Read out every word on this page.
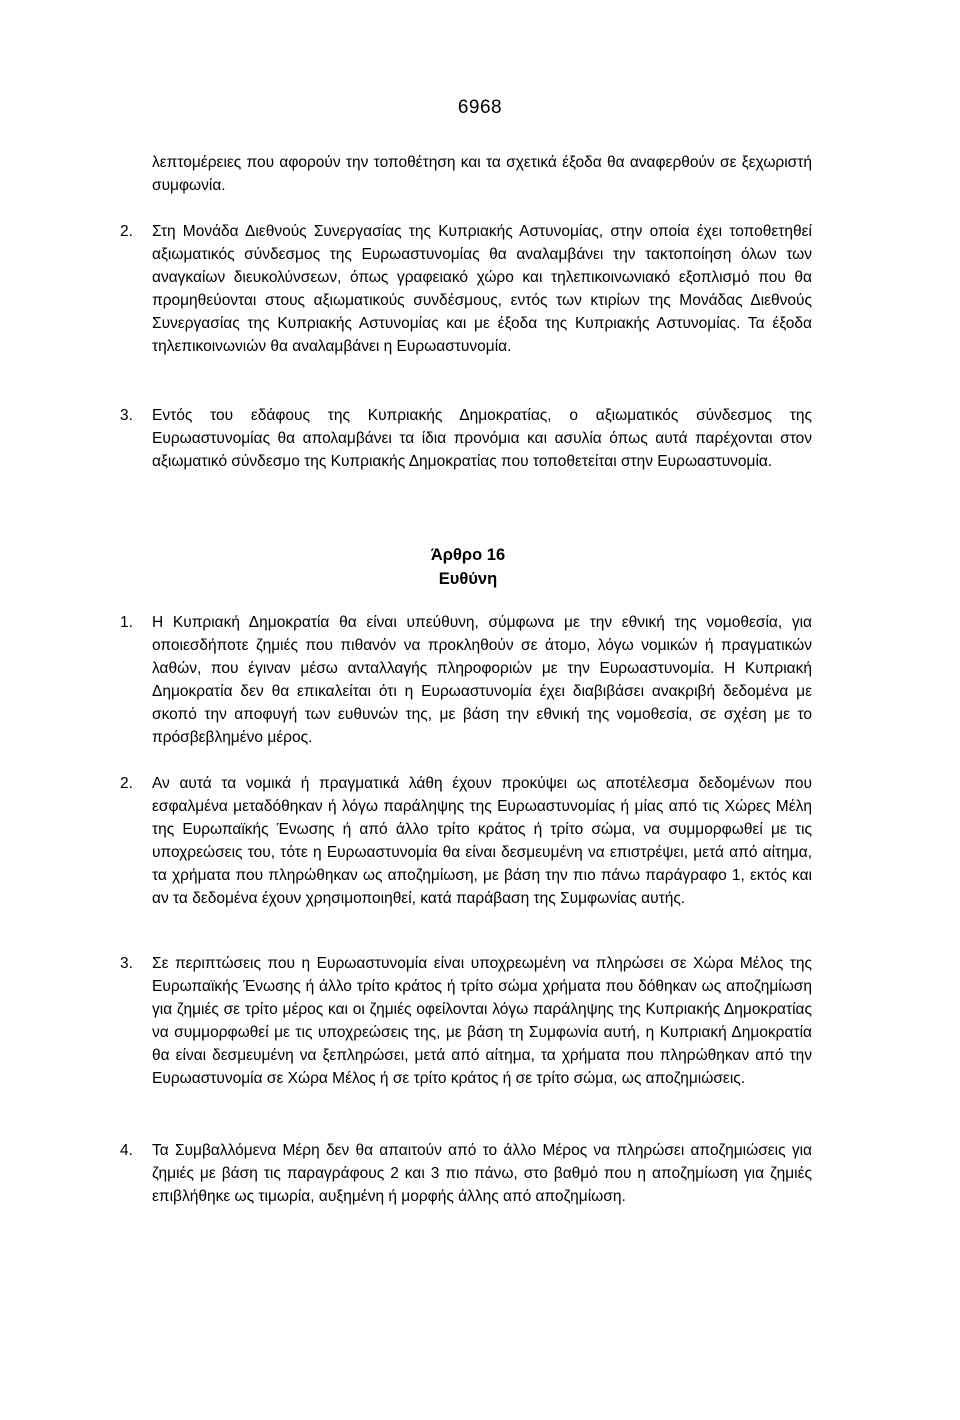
6968
λεπτομέρειες που αφορούν την τοποθέτηση και τα σχετικά έξοδα θα αναφερθούν σε ξεχωριστή συμφωνία.
2. Στη Μονάδα Διεθνούς Συνεργασίας της Κυπριακής Αστυνομίας, στην οποία έχει τοποθετηθεί αξιωματικός σύνδεσμος της Ευρωαστυνομίας θα αναλαμβάνει την τακτοποίηση όλων των αναγκαίων διευκολύνσεων, όπως γραφειακό χώρο και τηλεπικοινωνιακό εξοπλισμό που θα προμηθεύονται στους αξιωματικούς συνδέσμους, εντός των κτιρίων της Μονάδας Διεθνούς Συνεργασίας της Κυπριακής Αστυνομίας και με έξοδα της Κυπριακής Αστυνομίας. Τα έξοδα τηλεπικοινωνιών θα αναλαμβάνει η Ευρωαστυνομία.
3. Εντός του εδάφους της Κυπριακής Δημοκρατίας, ο αξιωματικός σύνδεσμος της Ευρωαστυνομίας θα απολαμβάνει τα ίδια προνόμια και ασυλία όπως αυτά παρέχονται στον αξιωματικό σύνδεσμο της Κυπριακής Δημοκρατίας που τοποθετείται στην Ευρωαστυνομία.
Άρθρο 16
Ευθύνη
1. Η Κυπριακή Δημοκρατία θα είναι υπεύθυνη, σύμφωνα με την εθνική της νομοθεσία, για οποιεσδήποτε ζημιές που πιθανόν να προκληθούν σε άτομο, λόγω νομικών ή πραγματικών λαθών, που έγιναν μέσω ανταλλαγής πληροφοριών με την Ευρωαστυνομία. Η Κυπριακή Δημοκρατία δεν θα επικαλείται ότι η Ευρωαστυνομία έχει διαβιβάσει ανακριβή δεδομένα με σκοπό την αποφυγή των ευθυνών της, με βάση την εθνική της νομοθεσία, σε σχέση με το πρόσβεβλημένο μέρος.
2. Αν αυτά τα νομικά ή πραγματικά λάθη έχουν προκύψει ως αποτέλεσμα δεδομένων που εσφαλμένα μεταδόθηκαν ή λόγω παράληψης της Ευρωαστυνομίας ή μίας από τις Χώρες Μέλη της Ευρωπαϊκής Ένωσης ή από άλλο τρίτο κράτος ή τρίτο σώμα, να συμμορφωθεί με τις υποχρεώσεις του, τότε η Ευρωαστυνομία θα είναι δεσμευμένη να επιστρέψει, μετά από αίτημα, τα χρήματα που πληρώθηκαν ως αποζημίωση, με βάση την πιο πάνω παράγραφο 1, εκτός και αν τα δεδομένα έχουν χρησιμοποιηθεί, κατά παράβαση της Συμφωνίας αυτής.
3. Σε περιπτώσεις που η Ευρωαστυνομία είναι υποχρεωμένη να πληρώσει σε Χώρα Μέλος της Ευρωπαϊκής Ένωσης ή άλλο τρίτο κράτος ή τρίτο σώμα χρήματα που δόθηκαν ως αποζημίωση για ζημιές σε τρίτο μέρος και οι ζημιές οφείλονται λόγω παράληψης της Κυπριακής Δημοκρατίας να συμμορφωθεί με τις υποχρεώσεις της, με βάση τη Συμφωνία αυτή, η Κυπριακή Δημοκρατία θα είναι δεσμευμένη να ξεπληρώσει, μετά από αίτημα, τα χρήματα που πληρώθηκαν από την Ευρωαστυνομία σε Χώρα Μέλος ή σε τρίτο κράτος ή σε τρίτο σώμα, ως αποζημιώσεις.
4. Τα Συμβαλλόμενα Μέρη δεν θα απαιτούν από το άλλο Μέρος να πληρώσει αποζημιώσεις για ζημιές με βάση τις παραγράφους 2 και 3 πιο πάνω, στο βαθμό που η αποζημίωση για ζημιές επιβλήθηκε ως τιμωρία, αυξημένη ή μορφής άλλης από αποζημίωση.
